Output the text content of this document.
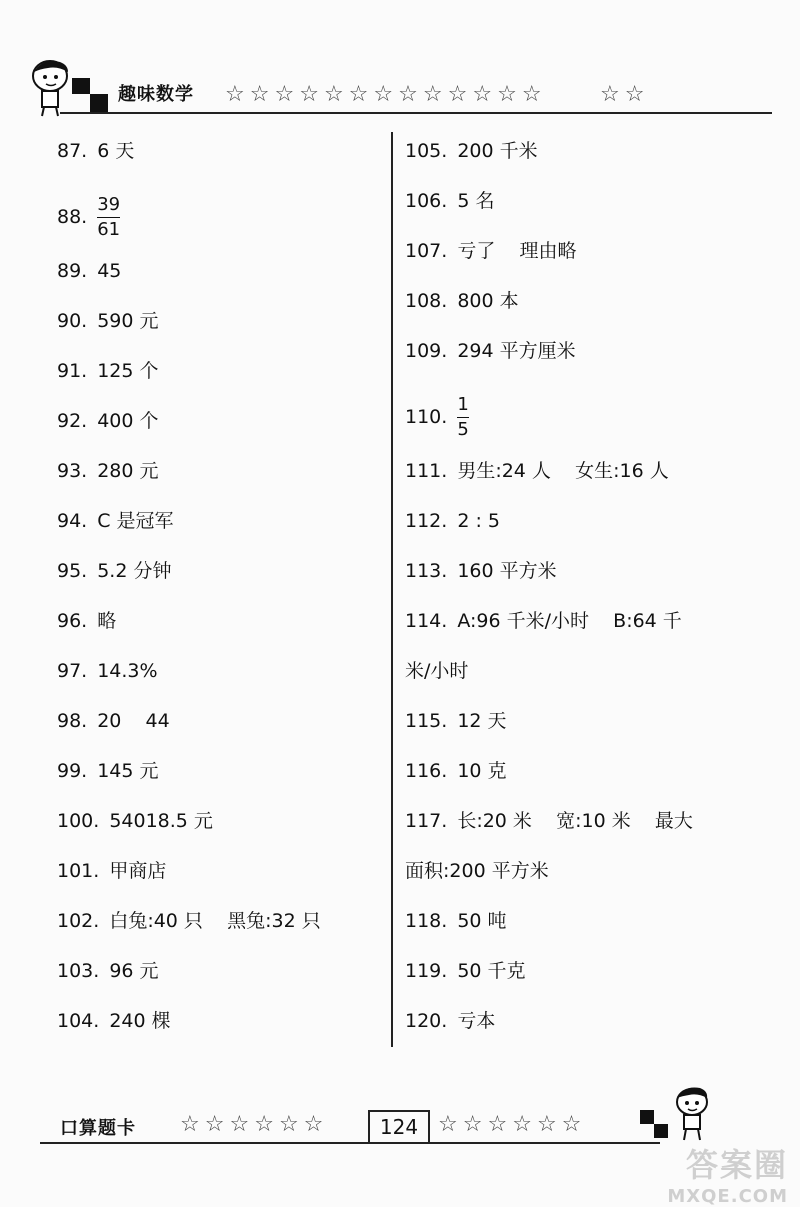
趣味数学 ☆ ☆ ☆ ☆ ☆ ☆ ☆ ☆ ☆ ☆ ☆ ☆ ☆	☆ ☆
87. 6 天
88. $\frac{39}{61}$
89. 45
90. 590 元
91. 125 个
92. 400 个
93. 280 元
94. C 是冠军
95. 5.2 分钟
96. 略
97. 14.3%
98. 20    44
99. 145 元
100. 54018.5 元
101. 甲商店
102. 白兔:40 只    黑兔:32 只
103. 96 元
104. 240 棵
105. 200 千米
106. 5 名
107. 亏了    理由略
108. 800 本
109. 294 平方厘米
110. $\frac{1}{5}$
111. 男生:24 人    女生:16 人
112. 2 : 5
113. 160 平方米
114. A:96 千米/小时    B:64 千
米/小时
115. 12 天
116. 10 克
117. 长:20 米    宽:10 米    最大
面积:200 平方米
118. 50 吨
119. 50 千克
120. 亏本
口算题卡 ☆ ☆ ☆ ☆ ☆ ☆	124 ☆ ☆ ☆ ☆ ☆ ☆
答案圈
MXQE.COM
